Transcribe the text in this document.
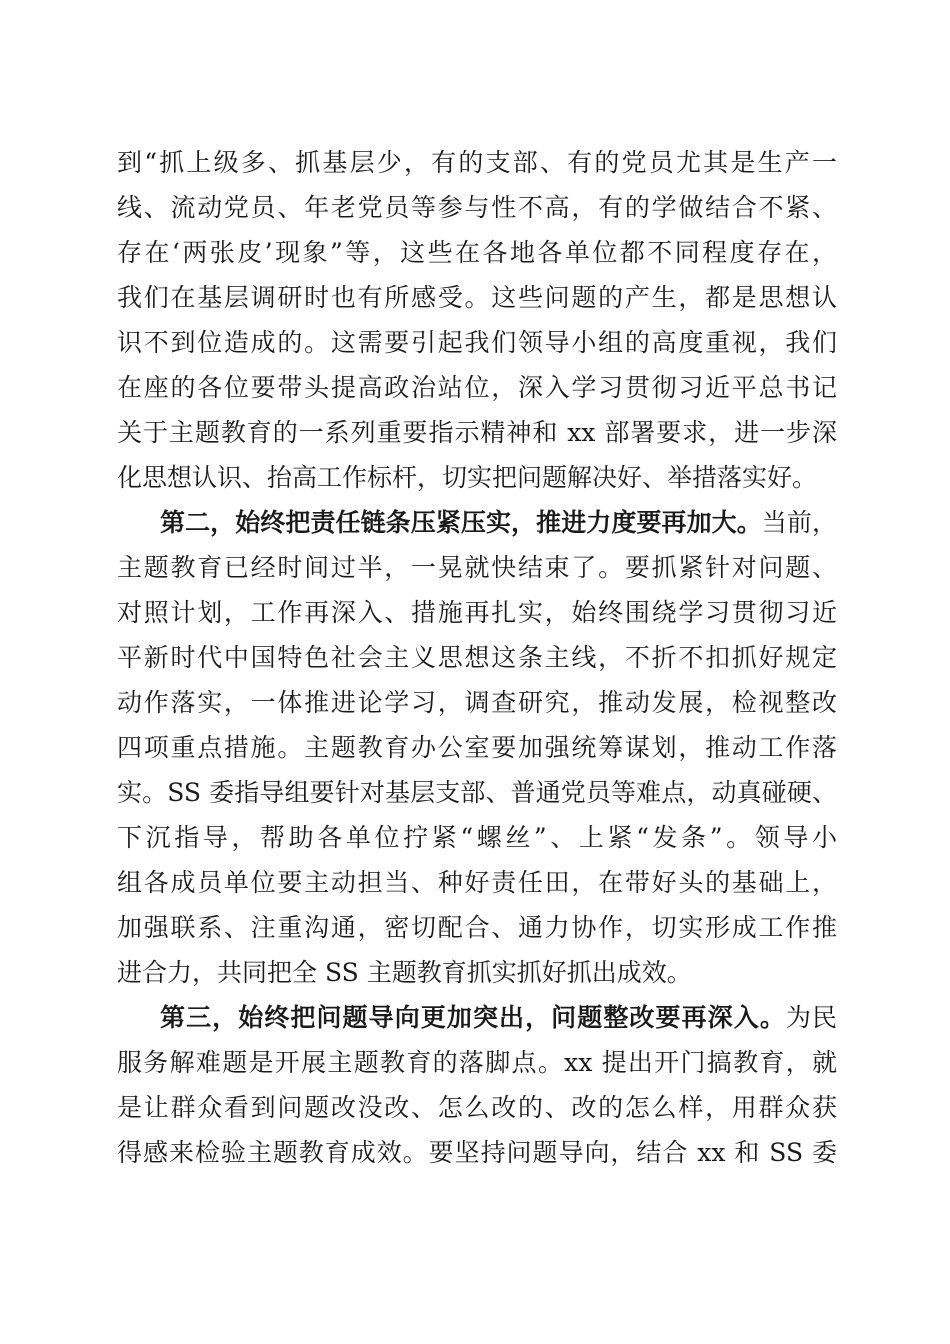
到“抓上级多、抓基层少，有的支部、有的党员尤其是生产一

线、流动党员、年老党员等参与性不高，有的学做结合不紧、

存在‘两张皮’现象”等，这些在各地各单位都不同程度存在，

我们在基层调研时也有所感受。这些问题的产生，都是思想认

识不到位造成的。这需要引起我们领导小组的高度重视，我们

在座的各位要带头提高政治站位，深入学习贯彻习近平总书记

关于主题教育的一系列重要指示精神和 xx 部署要求，进一步深

化思想认识、抬高工作标杆，切实把问题解决好、举措落实好。

第二，始终把责任链条压紧压实，推进力度要再加大。当前，

主题教育已经时间过半，一晃就快结束了。要抓紧针对问题、

对照计划，工作再深入、措施再扎实，始终围绕学习贯彻习近

平新时代中国特色社会主义思想这条主线，不折不扣抓好规定

动作落实，一体推进论学习，调查研究，推动发展，检视整改

四项重点措施。主题教育办公室要加强统筹谋划，推动工作落

实。SS 委指导组要针对基层支部、普通党员等难点，动真碰硬、

下沉指导，帮助各单位拧紧“螺丝”、上紧“发条”。领导小

组各成员单位要主动担当、种好责任田，在带好头的基础上，

加强联系、注重沟通，密切配合、通力协作，切实形成工作推

进合力，共同把全 SS 主题教育抓实抓好抓出成效。

第三，始终把问题导向更加突出，问题整改要再深入。为民

服务解难题是开展主题教育的落脚点。xx 提出开门搞教育，就

是让群众看到问题改没改、怎么改的、改的怎么样，用群众获

得感来检验主题教育成效。要坚持问题导向，结合 xx 和 SS 委
